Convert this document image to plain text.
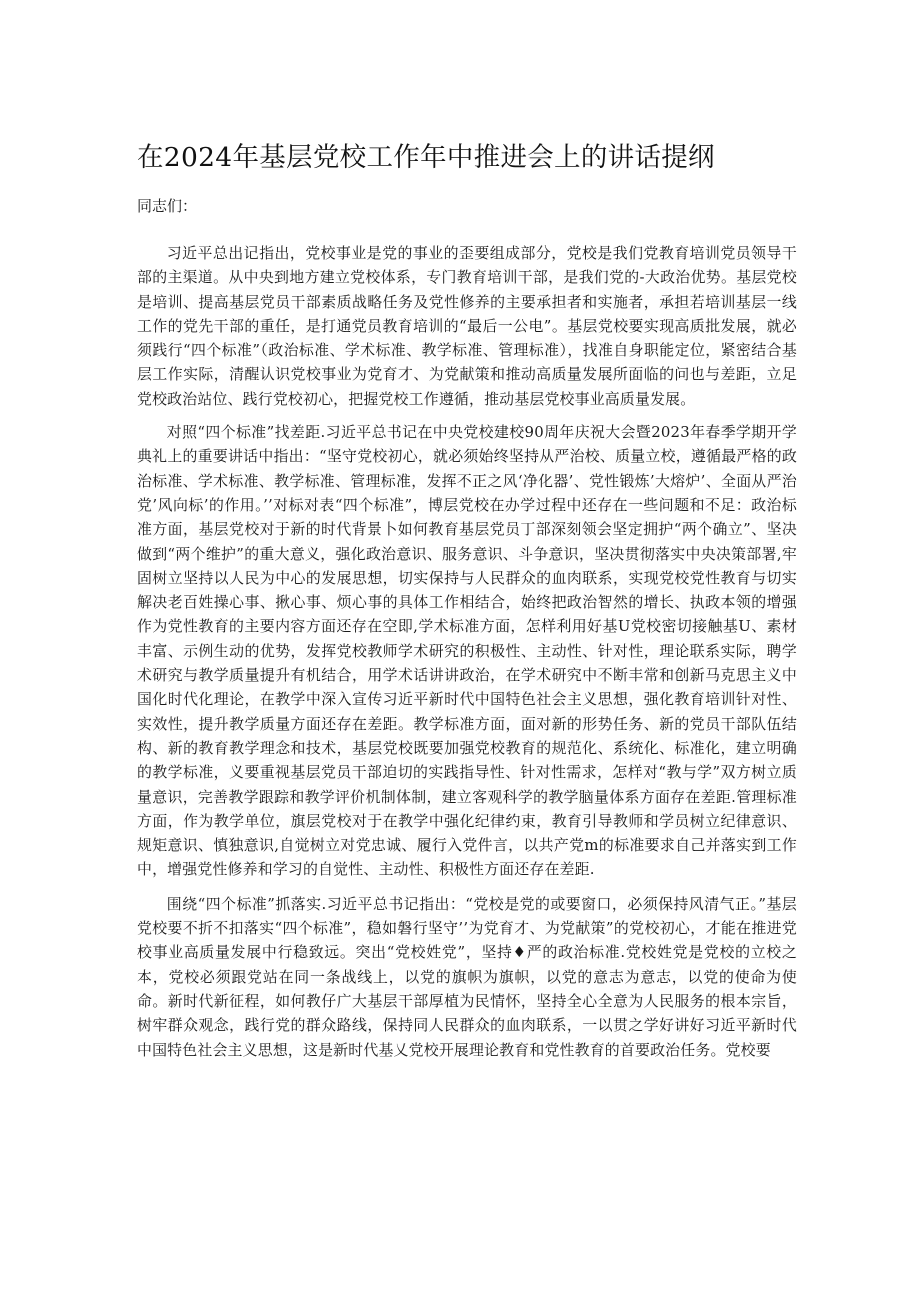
在2024年基层党校工作年中推进会上的讲话提纲

同志们：

习近平总出记指出，党校事业是党的事业的歪要组成部分，党校是我们党教育培训党员领导干部的主渠道。从中央到地方建立党校体系，专门教育培训干部，是我们党的-大政治优势。基层党校是培训、提高基层党员干部素质战略任务及党性修养的主要承担者和实施者，承担若培训基层一线工作的党先干部的重任，是打通党员教育培训的“最后一公电”。基层党校要实现高质批发展，就必须践行“四个标准”（政治标准、学术标准、教学标准、管理标准），找准自身职能定位，紧密结合基层工作实际，清醒认识党校事业为党育才、为党献策和推动高质量发展所面临的问也与差距，立足党校政治站位、践行党校初心，把握党校工作遵循，推动基层党校事业高质量发展。

对照“四个标准”找差距.习近平总书记在中央党校建校90周年庆祝大会暨2023年春季学期开学典礼上的重要讲话中指出：“坚守党校初心，就必须始终坚持从严治校、质量立校，遵循最严格的政治标准、学术标准、教学标准、管理标准，发挥不正之风‘净化器’、党性锻炼’大熔炉’、全面从严治党’风向标’的作用。’’对标对表“四个标准”，博层党校在办学过程中还存在一些问题和不足：政治标准方面，基层党校对于新的时代背景卜如何教育基层党员丁部深刻领会坚定拥护“两个确立”、坚决做到“两个维护”的重大意义，强化政治意识、服务意识、斗争意识，坚决贯彻落实中央决策部署,牢固树立坚持以人民为中心的发展思想，切实保持与人民群众的血肉联系，实现党校党性教育与切实解决老百姓操心事、揪心事、烦心事的具体工作相结合，始终把政治智然的增长、执政本领的增强作为党性教育的主要内容方面还存在空即,学术标准方面，怎样利用好基U党校密切接触基U、素材丰富、示例生动的优势，发挥党校教师学术研究的积极性、主动性、针对性，理论联系实际，聘学术研究与教学质量提升有机结合，用学术话讲讲政治，在学术研究中不断丰常和创新马克思主义中国化时代化理论，在教学中深入宣传习近平新时代中国特色社会主义思想，强化教育培训针对性、实效性，提升教学质量方面还存在差距。教学标准方面，面对新的形势任务、新的党员干部队伍结构、新的教育教学理念和技术，基层党校既要加强党校教育的规范化、系统化、标准化，建立明确的教学标准，义要重视基层党员干部迫切的实践指导性、针对性需求，怎样对“教与学”双方树立质量意识，完善教学跟踪和教学评价机制体制，建立客观科学的教学脑量体系方面存在差距.管理标准方面，作为教学单位，旗层党校对于在教学中强化纪律约束，教育引导教师和学员树立纪律意识、规矩意识、慎独意识,自觉树立对党忠诚、履行入党件言，以共产党m的标准要求自己并落实到工作中，增强党性修养和学习的自觉性、主动性、积极性方面还存在差距.

围绕“四个标准”抓落实.习近平总书记指出：“党校是党的或要窗口，必须保持风清气正。”基层党校要不折不扣落实“四个标准”，稳如磐行坚守’’为党育才、为党献策”的党校初心，才能在推进党校事业高质量发展中行稳致远。突出“党校姓党”，坚持♦严的政治标准.党校姓党是党校的立校之本，党校必须跟党站在同一条战线上，以党的旗帜为旗帜，以党的意志为意志，以党的使命为使命。新时代新征程，如何教仔广大基层干部厚植为民情怀，坚持全心全意为人民服务的根本宗旨，树牢群众观念，践行党的群众路线，保持同人民群众的血肉联系，一以贯之学好讲好习近平新时代中国特色社会主义思想，这是新时代基乂党校开展理论教育和党性教育的首要政治任务。党校要
